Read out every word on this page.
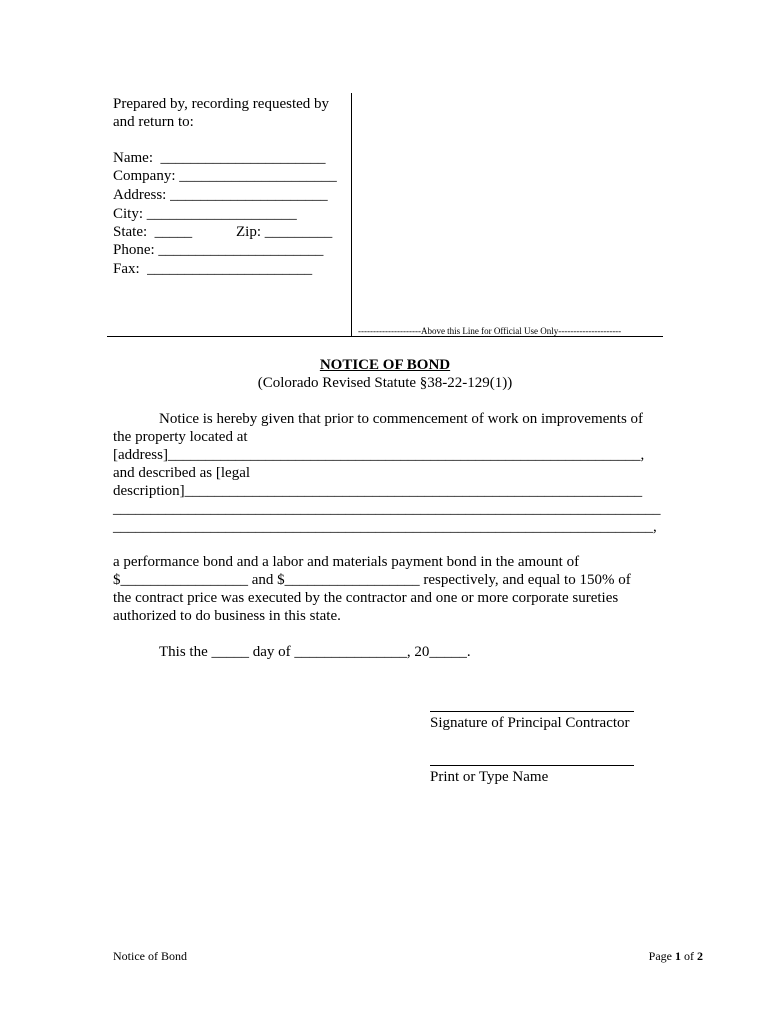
Prepared by, recording requested by
and return to:
Name:  ______________________
Company: _____________________
Address: _____________________
City: ____________________
State:  _____	Zip: _________
Phone: ______________________
Fax:  ______________________
---------------------Above this Line for Official Use Only---------------------
NOTICE OF BOND
(Colorado Revised Statute §38-22-129(1))
Notice is hereby given that prior to commencement of work on improvements of
the property located at
[address]_______________________________________________________________,
and described as [legal
description]_____________________________________________________________
_________________________________________________________________________
________________________________________________________________________,
a performance bond and a labor and materials payment bond in the amount of
$_________________ and $__________________ respectively, and equal to 150% of
the contract price was executed by the contractor and one or more corporate sureties
authorized to do business in this state.
This the _____ day of _______________, 20_____.
Signature of Principal Contractor
Print or Type Name
Notice of Bond	Page 1 of 2
